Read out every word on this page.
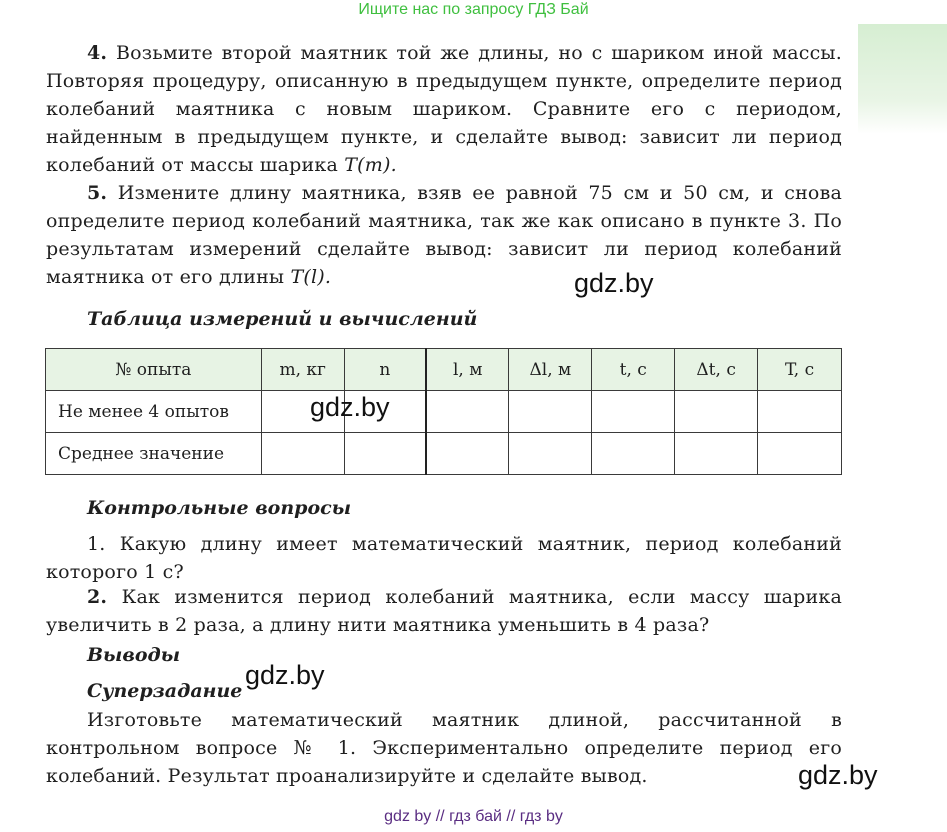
Ищите нас по запросу ГДЗ Бай
4. Возьмите второй маятник той же длины, но с шариком иной массы. Повторяя процедуру, описанную в предыдущем пункте, определите период колебаний маятника с новым шариком. Сравните его с периодом, найденным в предыдущем пункте, и сделайте вывод: зависит ли период колебаний от массы шарика T(m).
5. Измените длину маятника, взяв ее равной 75 см и 50 см, и снова определите период колебаний маятника, так же как описано в пункте 3. По результатам измерений сделайте вывод: зависит ли период колебаний маятника от его длины T(l).	gdz.by
Таблица измерений и вычислений
№ опыта	m, кг	n	l, м	Δl, м	t, с	Δt, с	T, с
Не менее 4 опытов							
Среднее значение							
gdz.by
Контрольные вопросы
1. Какую длину имеет математический маятник, период колебаний которого 1 с?
2. Как изменится период колебаний маятника, если массу шарика увеличить в 2 раза, а длину нити маятника уменьшить в 4 раза?
Выводы
gdz.by
Суперзадание
Изготовьте математический маятник длиной, рассчитанной в контрольном вопросе № 1. Экспериментально определите период его колебаний. Результат проанализируйте и сделайте вывод.	gdz.by
gdz by // гдз бай // гдз by
